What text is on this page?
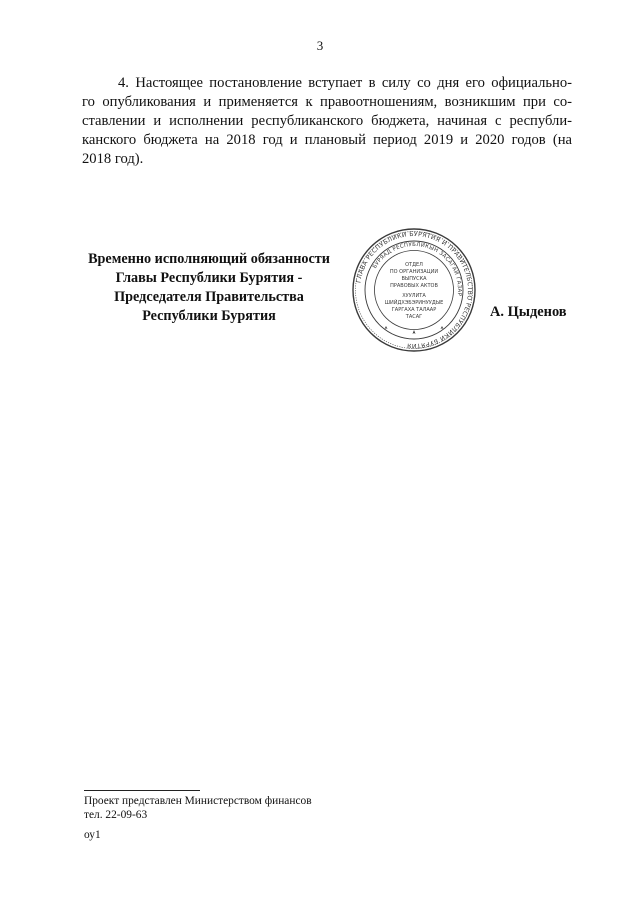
3
4. Настоящее постановление вступает в силу со дня его официально-
го опубликования и применяется к правоотношениям, возникшим при со-
ставлении и исполнении республиканского бюджета, начиная с республи-
канского бюджета на 2018 год и плановый период 2019 и 2020 годов (на
2018 год).
Временно исполняющий обязанности
Главы Республики Бурятия -
Председателя Правительства
Республики Бурятия
ГЛАВА РЕСПУБЛИКИ БУРЯТИЯ И ПРАВИТЕЛЬСТВО РЕСПУБЛИКИ БУРЯТИЯ
БУРЯАД РЕСПУБЛИКЫН ЗАСАГАЙ ГАЗАР
ОТДЕЛ
ПО ОРГАНИЗАЦИИ
ВЫПУСКА
ПРАВОВЫХ АКТОВ
ХУУЛИТА
ШИЙДХЭБЭРИНУУДЫЕ
ГАРГАХА ТАЛААР
ТАСАГ	А. Цыденов
Проект представлен Министерством финансов
тел. 22-09-63
оу1
